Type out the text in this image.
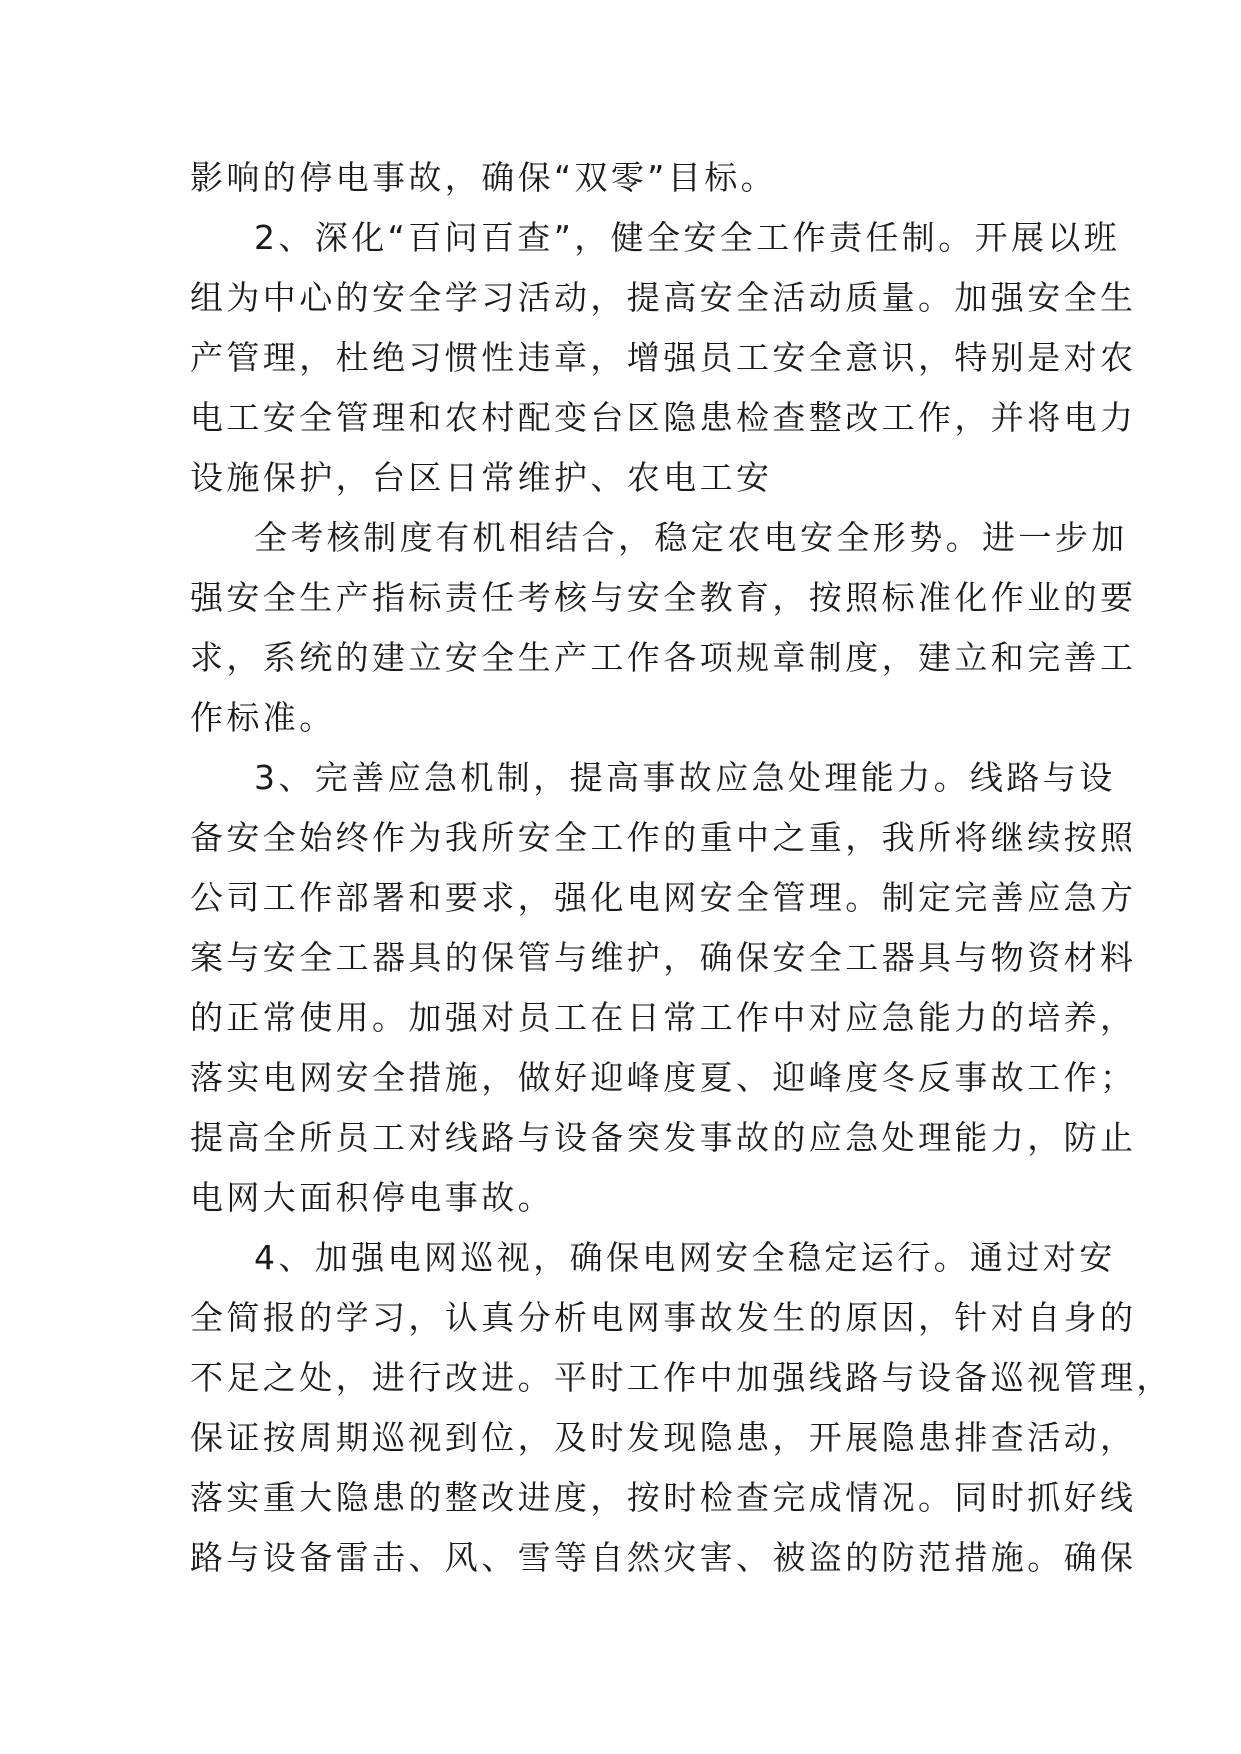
影响的停电事故，确保“双零”目标。
2、深化“百问百查”，健全安全工作责任制。开展以班
组为中心的安全学习活动，提高安全活动质量。加强安全生
产管理，杜绝习惯性违章，增强员工安全意识，特别是对农
电工安全管理和农村配变台区隐患检查整改工作，并将电力
设施保护，台区日常维护、农电工安
全考核制度有机相结合，稳定农电安全形势。进一步加
强安全生产指标责任考核与安全教育，按照标准化作业的要
求，系统的建立安全生产工作各项规章制度，建立和完善工
作标准。
3、完善应急机制，提高事故应急处理能力。线路与设
备安全始终作为我所安全工作的重中之重，我所将继续按照
公司工作部署和要求，强化电网安全管理。制定完善应急方
案与安全工器具的保管与维护，确保安全工器具与物资材料
的正常使用。加强对员工在日常工作中对应急能力的培养，
落实电网安全措施，做好迎峰度夏、迎峰度冬反事故工作；
提高全所员工对线路与设备突发事故的应急处理能力，防止
电网大面积停电事故。
4、加强电网巡视，确保电网安全稳定运行。通过对安
全简报的学习，认真分析电网事故发生的原因，针对自身的
不足之处，进行改进。平时工作中加强线路与设备巡视管理，
保证按周期巡视到位，及时发现隐患，开展隐患排查活动，
落实重大隐患的整改进度，按时检查完成情况。同时抓好线
路与设备雷击、风、雪等自然灾害、被盗的防范措施。确保
